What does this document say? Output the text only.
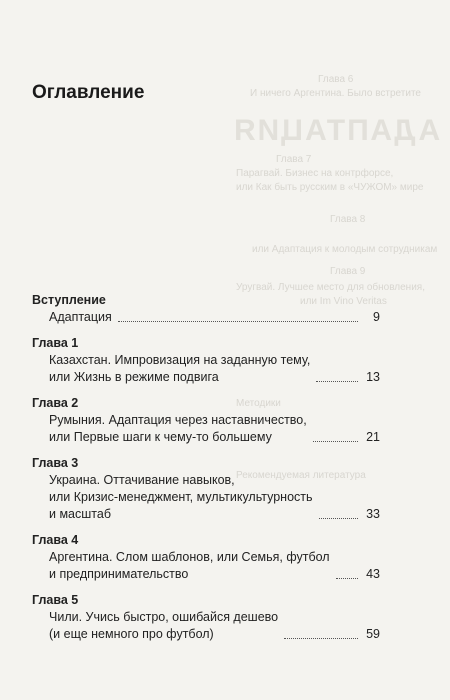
АДАПТАЦИЯ
Глава 6
И ничего Аргентина. Было встретите
Глава 7
Парагвай. Бизнес на контрфорсе,
или Как быть русским в «ЧУЖОМ» мире
Глава 8
или Адаптация к молодым сотрудникам
Глава 9
Уругвай. Лучшее место для обновления,
или Im Vino Veritas
Методики
Рекомендуемая литература
Оглавление
Вступление
Адаптация	9
Глава 1
Казахстан. Импровизация на заданную тему,
или Жизнь в режиме подвига	13
Глава 2
Румыния. Адаптация через наставничество,
или Первые шаги к чему-то большему	21
Глава 3
Украина. Оттачивание навыков,
или Кризис-менеджмент, мультикультурность
и масштаб	33
Глава 4
Аргентина. Слом шаблонов, или Семья, футбол
и предпринимательство	43
Глава 5
Чили. Учись быстро, ошибайся дешево
(и еще немного про футбол)	59
